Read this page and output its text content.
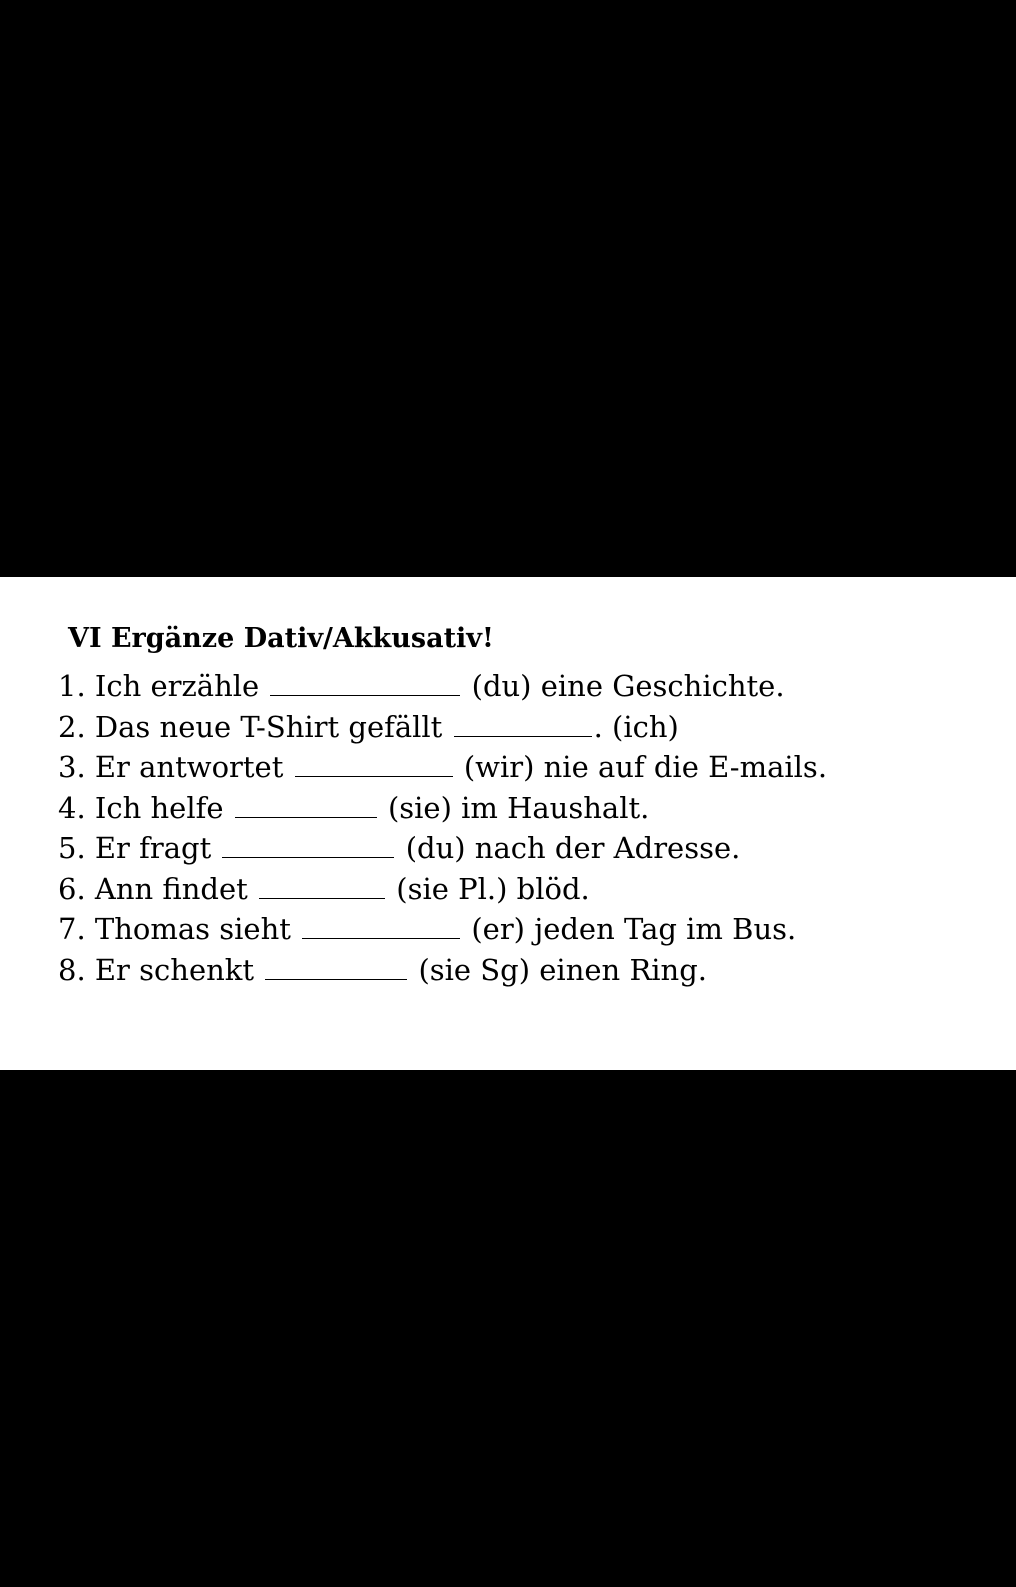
VI Ergänze Dativ/Akkusativ!
1. Ich erzähle	(du) eine Geschichte.
2. Das neue T-Shirt gefällt	. (ich)
3. Er antwortet	(wir) nie auf die E-mails.
4. Ich helfe	(sie) im Haushalt.
5. Er fragt	(du) nach der Adresse.
6. Ann findet	(sie Pl.) blöd.
7. Thomas sieht	(er) jeden Tag im Bus.
8. Er schenkt	(sie Sg) einen Ring.
